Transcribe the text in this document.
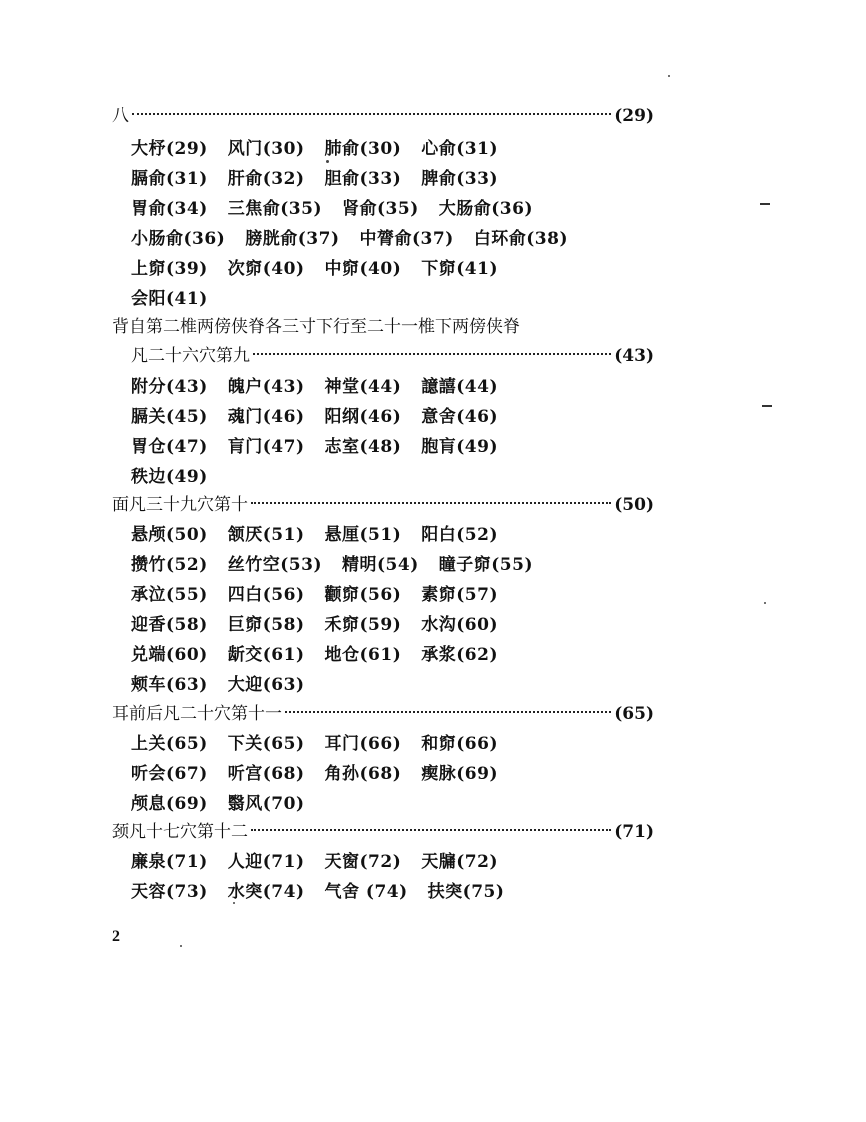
八	(29)
大杼(29) 风门(30) 肺俞(30) 心俞(31)
膈俞(31) 肝俞(32) 胆俞(33) 脾俞(33)
胃俞(34) 三焦俞(35) 肾俞(35) 大肠俞(36)
小肠俞(36) 膀胱俞(37) 中膂俞(37) 白环俞(38)
上窌(39) 次窌(40) 中窌(40) 下窌(41)
会阳(41)
背自第二椎两傍侠脊各三寸下行至二十一椎下两傍侠脊
凡二十六穴第九	(43)
附分(43) 魄户(43) 神堂(44) 譩譆(44)
膈关(45) 魂门(46) 阳纲(46) 意舍(46)
胃仓(47) 肓门(47) 志室(48) 胞肓(49)
秩边(49)
面凡三十九穴第十	(50)
悬颅(50) 颔厌(51) 悬厘(51) 阳白(52)
攒竹(52) 丝竹空(53) 精明(54) 瞳子窌(55)
承泣(55) 四白(56) 颧窌(56) 素窌(57)
迎香(58) 巨窌(58) 禾窌(59) 水沟(60)
兑端(60) 龂交(61) 地仓(61) 承浆(62)
颊车(63) 大迎(63)
耳前后凡二十穴第十一	(65)
上关(65) 下关(65) 耳门(66) 和窌(66)
听会(67) 听宫(68) 角孙(68) 瘈脉(69)
颅息(69) 翳风(70)
颈凡十七穴第十二	(71)
廉泉(71) 人迎(71) 天窗(72) 天牖(72)
天容(73) 水突(74) 气舍 (74) 扶突(75)
2
